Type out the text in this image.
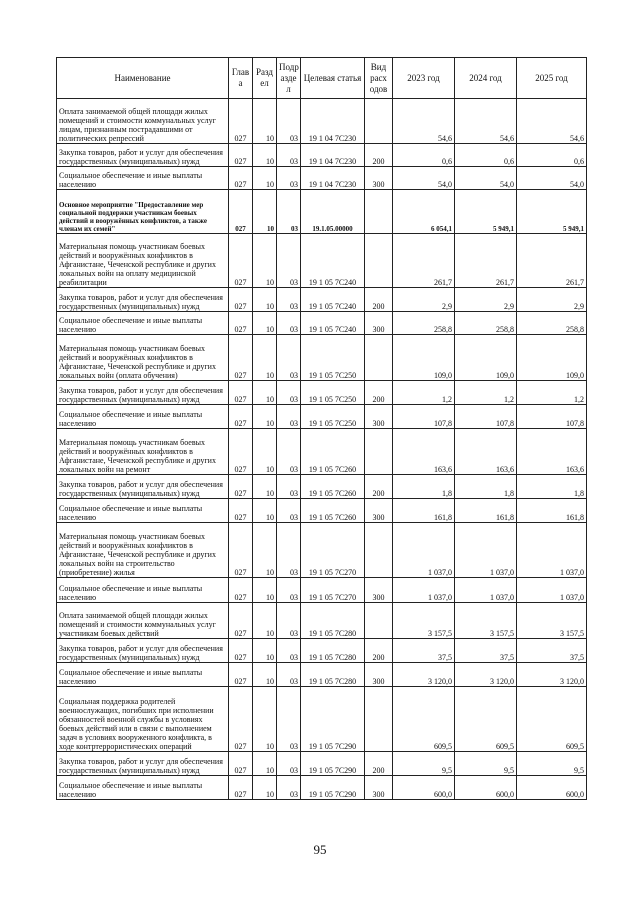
Наименование	Глав а	Разд ел	Подр азде л	Целевая статья	Вид расх одов	2023 год	2024 год	2025 год
Оплата занимаемой общей площади жилых помещений и стоимости коммунальных услуг лицам, признанным пострадавшими от политических репрессий	027	10	03	19 1 04 7C230		54,6	54,6	54,6
Закупка товаров, работ и услуг для обеспечения государственных (муниципальных) нужд	027	10	03	19 1 04 7C230	200	0,6	0,6	0,6
Социальное обеспечение и иные выплаты населению	027	10	03	19 1 04 7C230	300	54,0	54,0	54,0
Основное мероприятие "Предоставление мер социальной поддержки участникам боевых действий и вооружённых конфликтов, а также членам их семей"	027	10	03	19.1.05.00000		6 054,1	5 949,1	5 949,1
Материальная помощь участникам боевых действий и вооружённых конфликтов в Афганистане, Чеченской республике и других локальных войн на оплату медицинской реабилитации	027	10	03	19 1 05 7C240		261,7	261,7	261,7
Закупка товаров, работ и услуг для обеспечения государственных (муниципальных) нужд	027	10	03	19 1 05 7C240	200	2,9	2,9	2,9
Социальное обеспечение и иные выплаты населению	027	10	03	19 1 05 7C240	300	258,8	258,8	258,8
Материальная помощь участникам боевых действий и вооружённых конфликтов в Афганистане, Чеченской республике и других локальных войн (оплата обучения)	027	10	03	19 1 05 7C250		109,0	109,0	109,0
Закупка товаров, работ и услуг для обеспечения государственных (муниципальных) нужд	027	10	03	19 1 05 7C250	200	1,2	1,2	1,2
Социальное обеспечение и иные выплаты населению	027	10	03	19 1 05 7C250	300	107,8	107,8	107,8
Материальная помощь участникам боевых действий и вооружённых конфликтов в Афганистане, Чеченской республике и других локальных войн на ремонт	027	10	03	19 1 05 7C260		163,6	163,6	163,6
Закупка товаров, работ и услуг для обеспечения государственных (муниципальных) нужд	027	10	03	19 1 05 7C260	200	1,8	1,8	1,8
Социальное обеспечение и иные выплаты населению	027	10	03	19 1 05 7C260	300	161,8	161,8	161,8
Материальная помощь участникам боевых действий и вооружённых конфликтов в Афганистане, Чеченской республике и других локальных войн на строительство (приобретение) жилья	027	10	03	19 1 05 7C270		1 037,0	1 037,0	1 037,0
Социальное обеспечение и иные выплаты населению	027	10	03	19 1 05 7C270	300	1 037,0	1 037,0	1 037,0
Оплата занимаемой общей площади жилых помещений и стоимости коммунальных услуг участникам боевых действий	027	10	03	19 1 05 7C280		3 157,5	3 157,5	3 157,5
Закупка товаров, работ и услуг для обеспечения государственных (муниципальных) нужд	027	10	03	19 1 05 7C280	200	37,5	37,5	37,5
Социальное обеспечение и иные выплаты населению	027	10	03	19 1 05 7C280	300	3 120,0	3 120,0	3 120,0
Социальная поддержка родителей военнослужащих, погибших при исполнении обязанностей военной службы в условиях боевых действий или в связи с выполнением задач в условиях вооруженного конфликта, в ходе контртеррористических операций	027	10	03	19 1 05 7C290		609,5	609,5	609,5
Закупка товаров, работ и услуг для обеспечения государственных (муниципальных) нужд	027	10	03	19 1 05 7C290	200	9,5	9,5	9,5
Социальное обеспечение и иные выплаты населению	027	10	03	19 1 05 7C290	300	600,0	600,0	600,0
95
